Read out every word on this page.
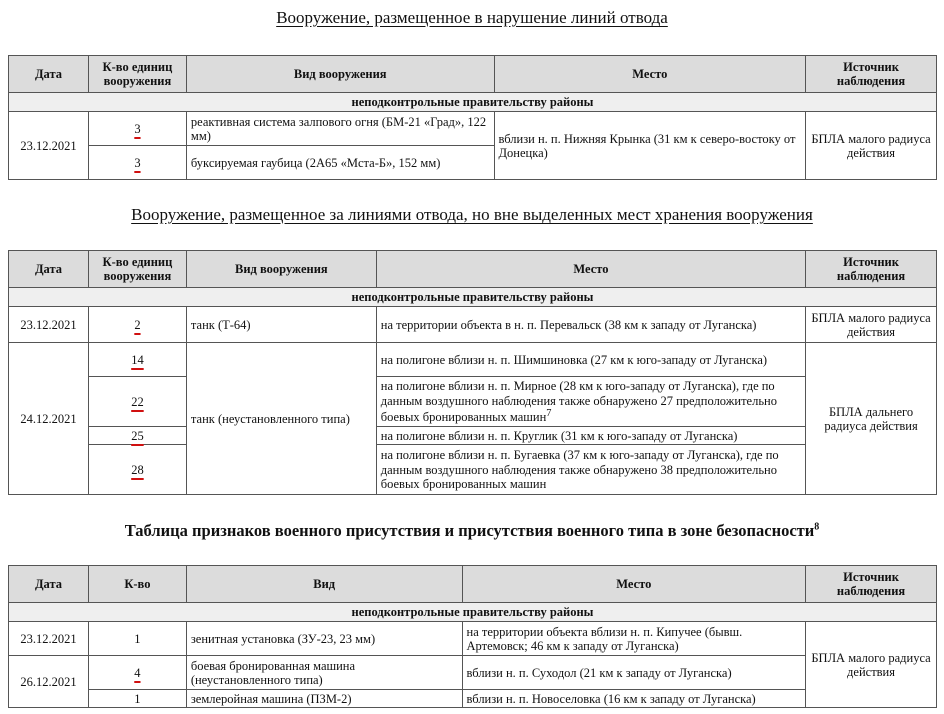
Вооружение, размещенное в нарушение линий отвода
Дата	К-во единиц вооружения	Вид вооружения	Место	Источник наблюдения
неподконтрольные правительству районы				
23.12.2021	3	реактивная система залпового огня (БМ-21 «Град», 122 мм)	вблизи н. п. Нижняя Крынка (31 км к северо-востоку от Донецка)	БПЛА малого радиуса действия
	3	буксируемая гаубица (2А65 «Мста-Б», 152 мм)		
Вооружение, размещенное за линиями отвода, но вне выделенных мест хранения вооружения
Дата	К-во единиц вооружения	Вид вооружения	Место	Источник наблюдения
неподконтрольные правительству районы				
23.12.2021	2	танк (Т-64)	на территории объекта в н. п. Перевальск (38 км к западу от Луганска)	БПЛА малого радиуса действия
24.12.2021	14	танк (неустановленного типа)	на полигоне вблизи н. п. Шимшиновка (27 км к юго-западу от Луганска)	БПЛА дальнего радиуса действия
	22		на полигоне вблизи н. п. Мирное (28 км к юго-западу от Луганска), где по данным воздушного наблюдения также обнаружено 27 предположительно боевых бронированных машин$^7$
	25		на полигоне вблизи н. п. Круглик (31 км к юго-западу от Луганска)	
	28		на полигоне вблизи н. п. Бугаевка (37 км к юго-западу от Луганска), где по данным воздушного наблюдения также обнаружено 38 предположительно боевых бронированных машин	
Таблица признаков военного присутствия и присутствия военного типа в зоне безопасности$^8$
Дата	К-во	Вид	Место	Источник наблюдения
неподконтрольные правительству районы				
23.12.2021	1	зенитная установка (ЗУ-23, 23 мм)	на территории объекта вблизи н. п. Кипучее (бывш. Артемовск; 46 км к западу от Луганска)	БПЛА малого радиуса действия
26.12.2021	4	боевая бронированная машина (неустановленного типа)	вблизи н. п. Суходол (21 км к западу от Луганска)	
	1	землеройная машина (ПЗМ-2)	вблизи н. п. Новоселовка (16 км к западу от Луганска)	
